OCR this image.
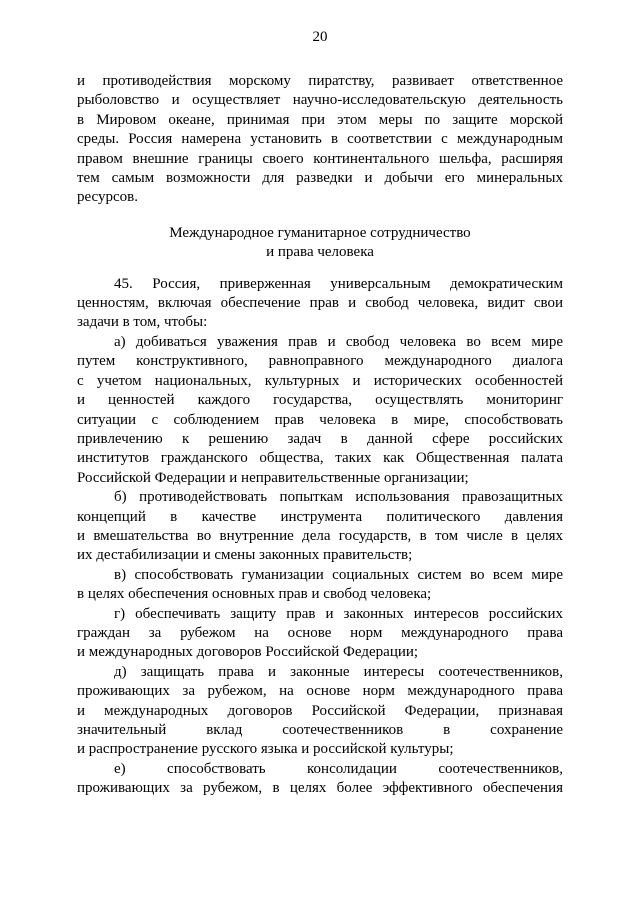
20
и противодействия морскому пиратству, развивает ответственное
рыболовство и осуществляет научно-исследовательскую деятельность
в Мировом океане, принимая при этом меры по защите морской
среды. Россия намерена установить в соответствии с международным
правом внешние границы своего континентального шельфа, расширяя
тем самым возможности для разведки и добычи его минеральных
ресурсов.
Международное гуманитарное сотрудничество
и права человека
45. Россия, приверженная универсальным демократическим
ценностям, включая обеспечение прав и свобод человека, видит свои
задачи в том, чтобы:
а) добиваться уважения прав и свобод человека во всем мире
путем конструктивного, равноправного международного диалога
с учетом национальных, культурных и исторических особенностей
и ценностей каждого государства, осуществлять мониторинг
ситуации с соблюдением прав человека в мире, способствовать
привлечению к решению задач в данной сфере российских
институтов гражданского общества, таких как Общественная палата
Российской Федерации и неправительственные организации;
б) противодействовать попыткам использования правозащитных
концепций в качестве инструмента политического давления
и вмешательства во внутренние дела государств, в том числе в целях
их дестабилизации и смены законных правительств;
в) способствовать гуманизации социальных систем во всем мире
в целях обеспечения основных прав и свобод человека;
г) обеспечивать защиту прав и законных интересов российских
граждан за рубежом на основе норм международного права
и международных договоров Российской Федерации;
д) защищать права и законные интересы соотечественников,
проживающих за рубежом, на основе норм международного права
и международных договоров Российской Федерации, признавая
значительный вклад соотечественников в сохранение
и распространение русского языка и российской культуры;
е) способствовать консолидации соотечественников,
проживающих за рубежом, в целях более эффективного обеспечения
